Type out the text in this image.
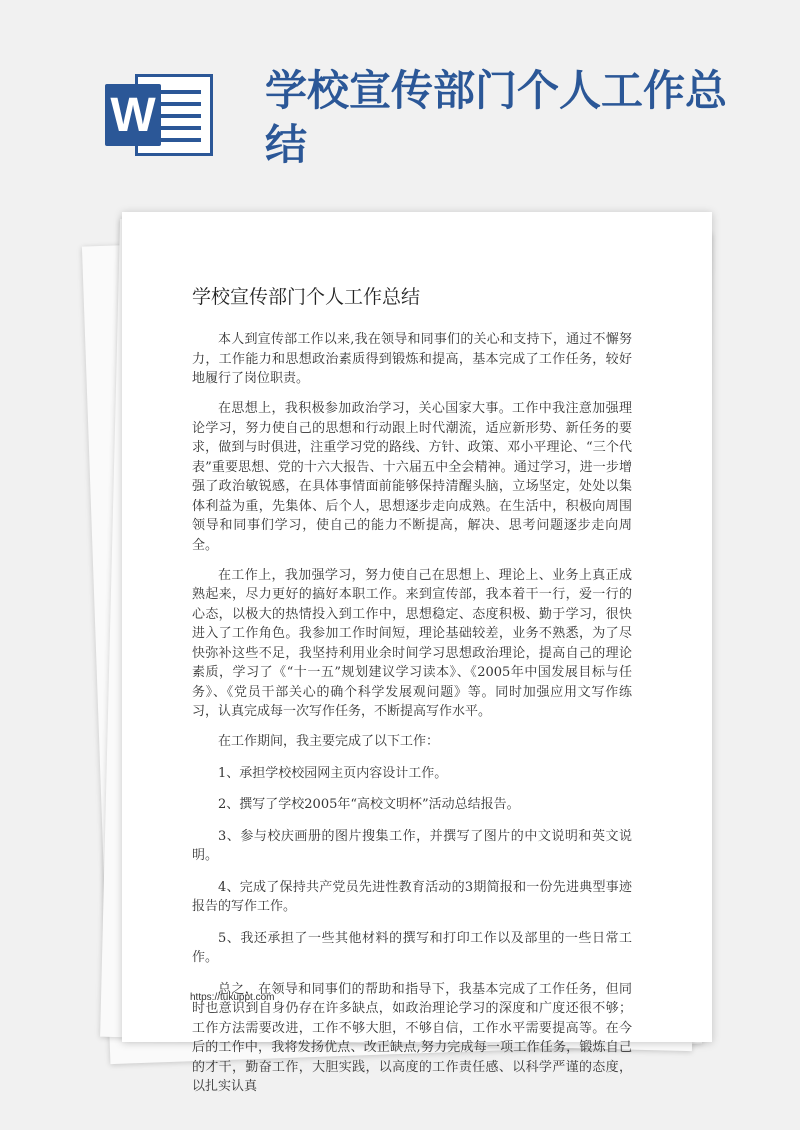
W	学校宣传部门个人工作总结
学校宣传部门个人工作总结

本人到宣传部工作以来,我在领导和同事们的关心和支持下，通过不懈努力，工作能力和思想政治素质得到锻炼和提高，基本完成了工作任务，较好地履行了岗位职责。

在思想上，我积极参加政治学习，关心国家大事。工作中我注意加强理论学习，努力使自己的思想和行动跟上时代潮流，适应新形势、新任务的要求，做到与时俱进，注重学习党的路线、方针、政策、邓小平理论、“三个代表”重要思想、党的十六大报告、十六届五中全会精神。通过学习，进一步增强了政治敏锐感，在具体事情面前能够保持清醒头脑，立场坚定，处处以集体利益为重，先集体、后个人，思想逐步走向成熟。在生活中，积极向周围领导和同事们学习，使自己的能力不断提高，解决、思考问题逐步走向周全。

在工作上，我加强学习，努力使自己在思想上、理论上、业务上真正成熟起来，尽力更好的搞好本职工作。来到宣传部，我本着干一行，爱一行的心态，以极大的热情投入到工作中，思想稳定、态度积极、勤于学习，很快进入了工作角色。我参加工作时间短，理论基础较差，业务不熟悉，为了尽快弥补这些不足，我坚持利用业余时间学习思想政治理论，提高自己的理论素质，学习了《“十一五”规划建议学习读本》、《2005年中国发展目标与任务》、《党员干部关心的确个科学发展观问题》等。同时加强应用文写作练习，认真完成每一次写作任务，不断提高写作水平。

在工作期间，我主要完成了以下工作：

1、承担学校校园网主页内容设计工作。

2、撰写了学校2005年“高校文明杯”活动总结报告。

3、参与校庆画册的图片搜集工作，并撰写了图片的中文说明和英文说明。

4、完成了保持共产党员先进性教育活动的3期简报和一份先进典型事迹报告的写作工作。

5、我还承担了一些其他材料的撰写和打印工作以及部里的一些日常工作。

总之，在领导和同事们的帮助和指导下，我基本完成了工作任务，但同时也意识到自身仍存在许多缺点，如政治理论学习的深度和广度还很不够；工作方法需要改进，工作不够大胆，不够自信，工作水平需要提高等。在今后的工作中，我将发扬优点、改正缺点,努力完成每一项工作任务，锻炼自己的才干，勤奋工作，大胆实践，以高度的工作责任感、以科学严谨的态度，以扎实认真

https://tukuppt.com
